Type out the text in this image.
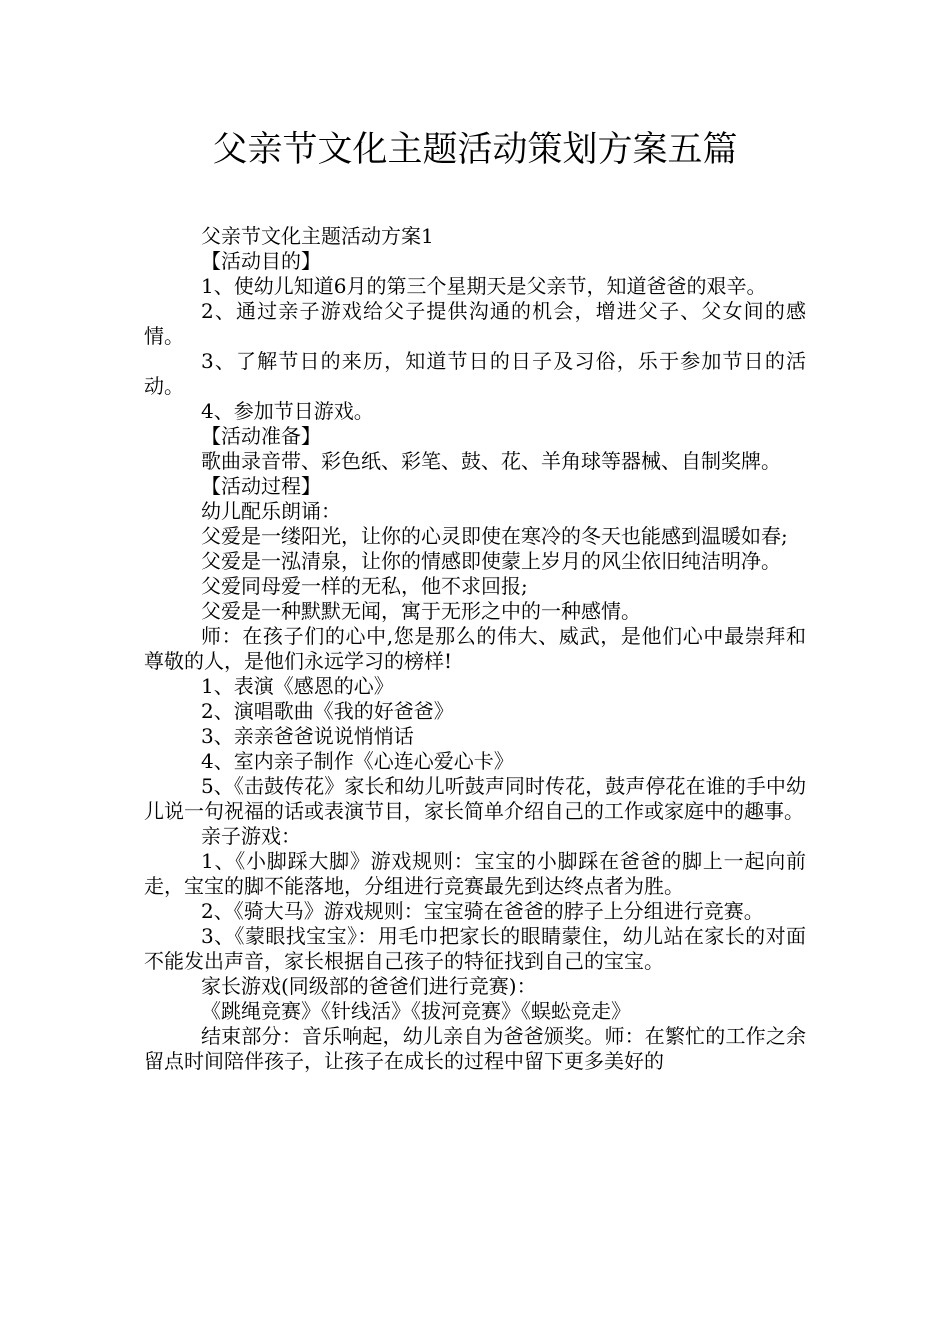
父亲节文化主题活动策划方案五篇

父亲节文化主题活动方案1

【活动目的】

1、使幼儿知道6月的第三个星期天是父亲节，知道爸爸的艰辛。

2、通过亲子游戏给父子提供沟通的机会，增进父子、父女间的感情。

3、了解节日的来历，知道节日的日子及习俗，乐于参加节日的活动。

4、参加节日游戏。

【活动准备】

歌曲录音带、彩色纸、彩笔、鼓、花、羊角球等器械、自制奖牌。

【活动过程】

幼儿配乐朗诵：

父爱是一缕阳光，让你的心灵即使在寒冷的冬天也能感到温暖如春;

父爱是一泓清泉，让你的情感即使蒙上岁月的风尘依旧纯洁明净。

父爱同母爱一样的无私，他不求回报;

父爱是一种默默无闻，寓于无形之中的一种感情。

师：在孩子们的心中,您是那么的伟大、威武，是他们心中最崇拜和尊敬的人，是他们永远学习的榜样!

1、表演《感恩的心》

2、演唱歌曲《我的好爸爸》

3、亲亲爸爸说说悄悄话

4、室内亲子制作《心连心爱心卡》

5、《击鼓传花》家长和幼儿听鼓声同时传花，鼓声停花在谁的手中幼儿说一句祝福的话或表演节目，家长简单介绍自己的工作或家庭中的趣事。

亲子游戏：

1、《小脚踩大脚》游戏规则：宝宝的小脚踩在爸爸的脚上一起向前走，宝宝的脚不能落地，分组进行竞赛最先到达终点者为胜。

2、《骑大马》游戏规则：宝宝骑在爸爸的脖子上分组进行竞赛。

3、《蒙眼找宝宝》：用毛巾把家长的眼睛蒙住，幼儿站在家长的对面不能发出声音，家长根据自己孩子的特征找到自己的宝宝。

家长游戏(同级部的爸爸们进行竞赛)：

《跳绳竞赛》《针线活》《拔河竞赛》《蜈蚣竞走》

结束部分：音乐响起，幼儿亲自为爸爸颁奖。师：在繁忙的工作之余留点时间陪伴孩子，让孩子在成长的过程中留下更多美好的
